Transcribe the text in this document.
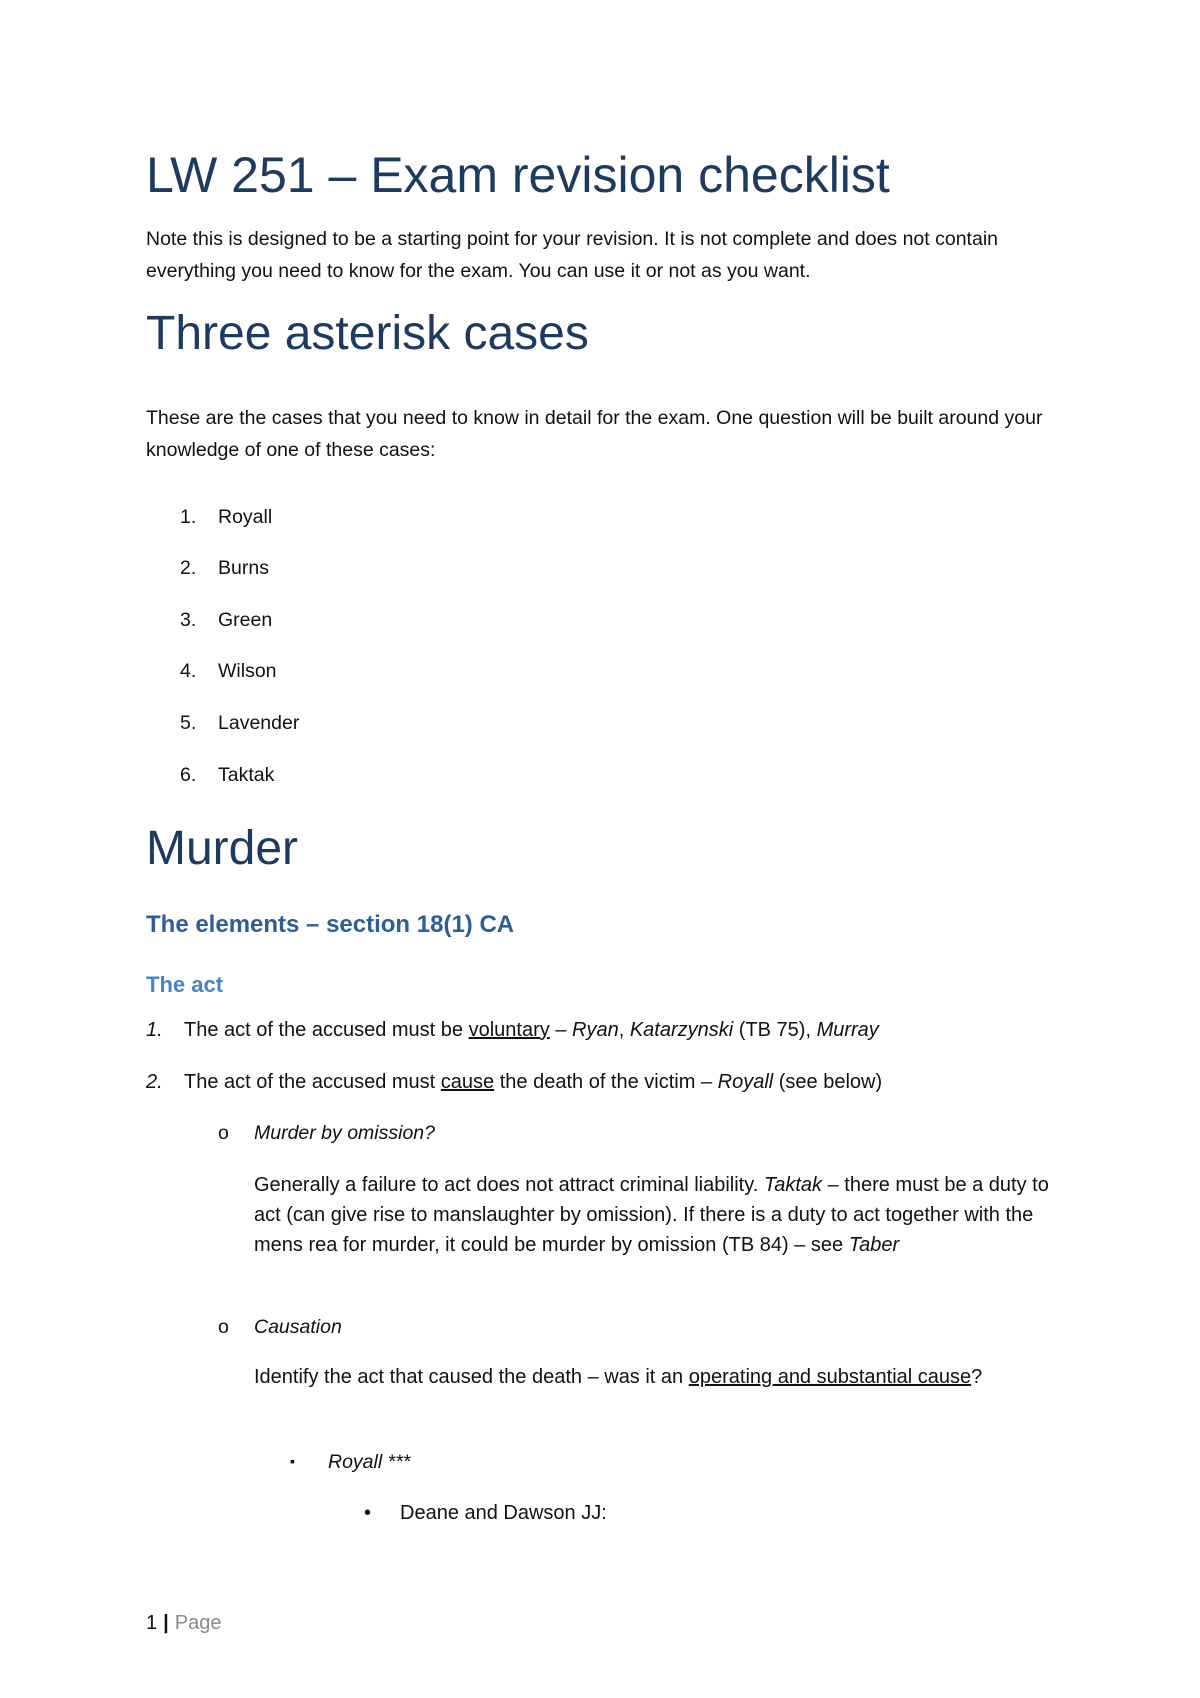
LW 251 – Exam revision checklist
Note this is designed to be a starting point for your revision. It is not complete and does not contain everything you need to know for the exam. You can use it or not as you want.
Three asterisk cases
These are the cases that you need to know in detail for the exam. One question will be built around your knowledge of one of these cases:
1. Royall
2. Burns
3. Green
4. Wilson
5. Lavender
6. Taktak
Murder
The elements – section 18(1) CA
The act
1. The act of the accused must be voluntary – Ryan, Katarzynski (TB 75), Murray
2. The act of the accused must cause the death of the victim – Royall (see below)
o Murder by omission?
Generally a failure to act does not attract criminal liability. Taktak – there must be a duty to act (can give rise to manslaughter by omission). If there is a duty to act together with the mens rea for murder, it could be murder by omission (TB 84) – see Taber
o Causation
Identify the act that caused the death – was it an operating and substantial cause?
▪ Royall ***
• Deane and Dawson JJ:
1 | Page
